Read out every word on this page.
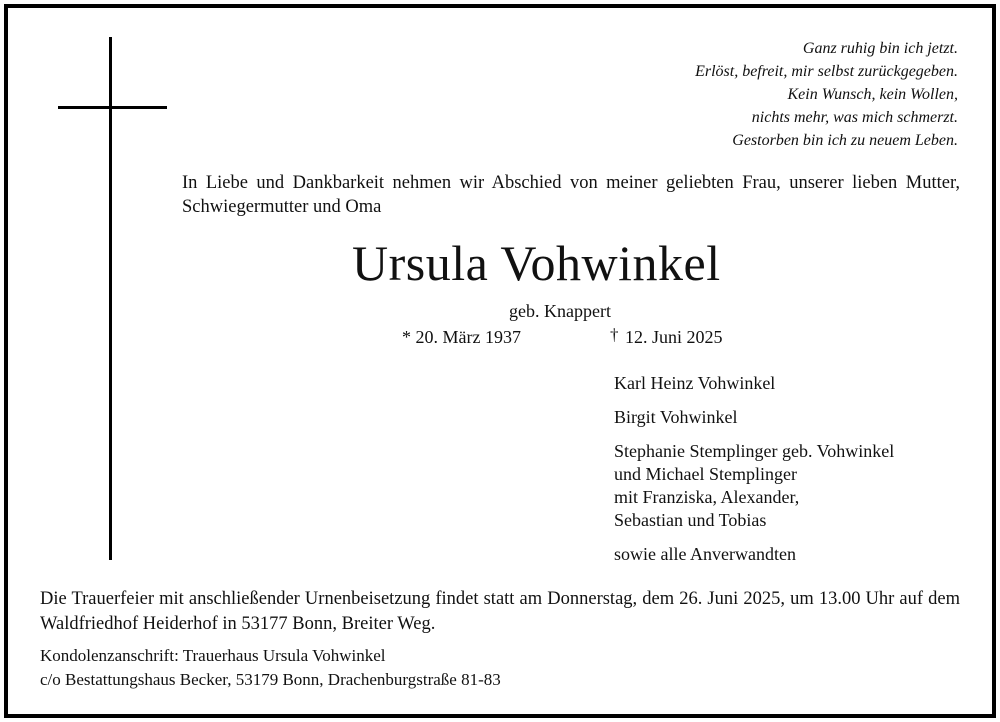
Ganz ruhig bin ich jetzt.
Erlöst, befreit, mir selbst zurückgegeben.
Kein Wunsch, kein Wollen,
nichts mehr, was mich schmerzt.
Gestorben bin ich zu neuem Leben.
In Liebe und Dankbarkeit nehmen wir Abschied von meiner geliebten Frau, unserer lieben Mutter, Schwiegermutter und Oma
Ursula Vohwinkel
geb. Knappert
* 20. März 1937	† 12. Juni 2025
Karl Heinz Vohwinkel
Birgit Vohwinkel
Stephanie Stemplinger geb. Vohwinkel
und Michael Stemplinger
mit Franziska, Alexander,
Sebastian und Tobias
sowie alle Anverwandten
Die Trauerfeier mit anschließender Urnenbeisetzung findet statt am Donnerstag, dem 26. Juni 2025, um 13.00 Uhr auf dem Waldfriedhof Heiderhof in 53177 Bonn, Breiter Weg.
Kondolenzanschrift: Trauerhaus Ursula Vohwinkel
c/o Bestattungshaus Becker, 53179 Bonn, Drachenburgstraße 81-83
